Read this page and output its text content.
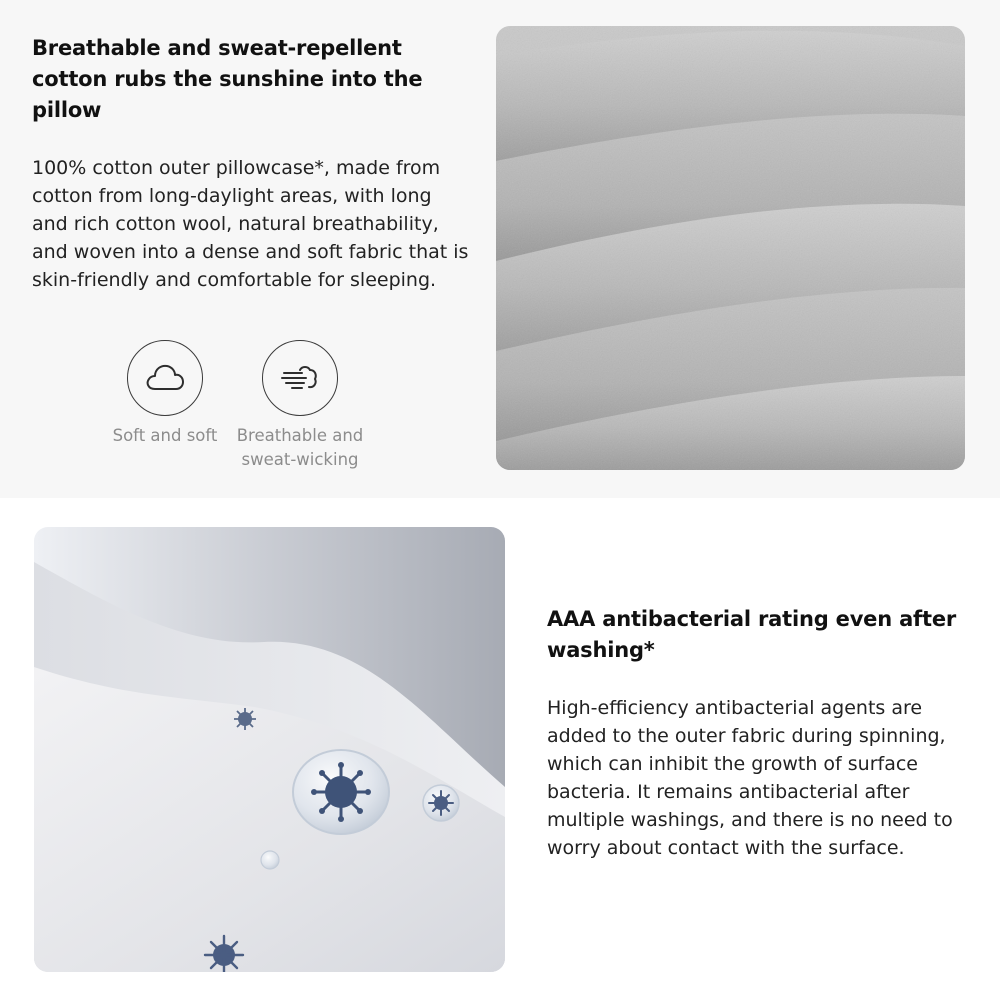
Breathable and sweat-repellent cotton rubs the sunshine into the pillow
100% cotton outer pillowcase*, made from cotton from long-daylight areas, with long and rich cotton wool, natural breathability, and woven into a dense and soft fabric that is skin-friendly and comfortable for sleeping.
Soft and soft	Breathable and sweat-wicking
AAA antibacterial rating even after washing*
High-efficiency antibacterial agents are added to the outer fabric during spinning, which can inhibit the growth of surface bacteria. It remains antibacterial after multiple washings, and there is no need to worry about contact with the surface.
